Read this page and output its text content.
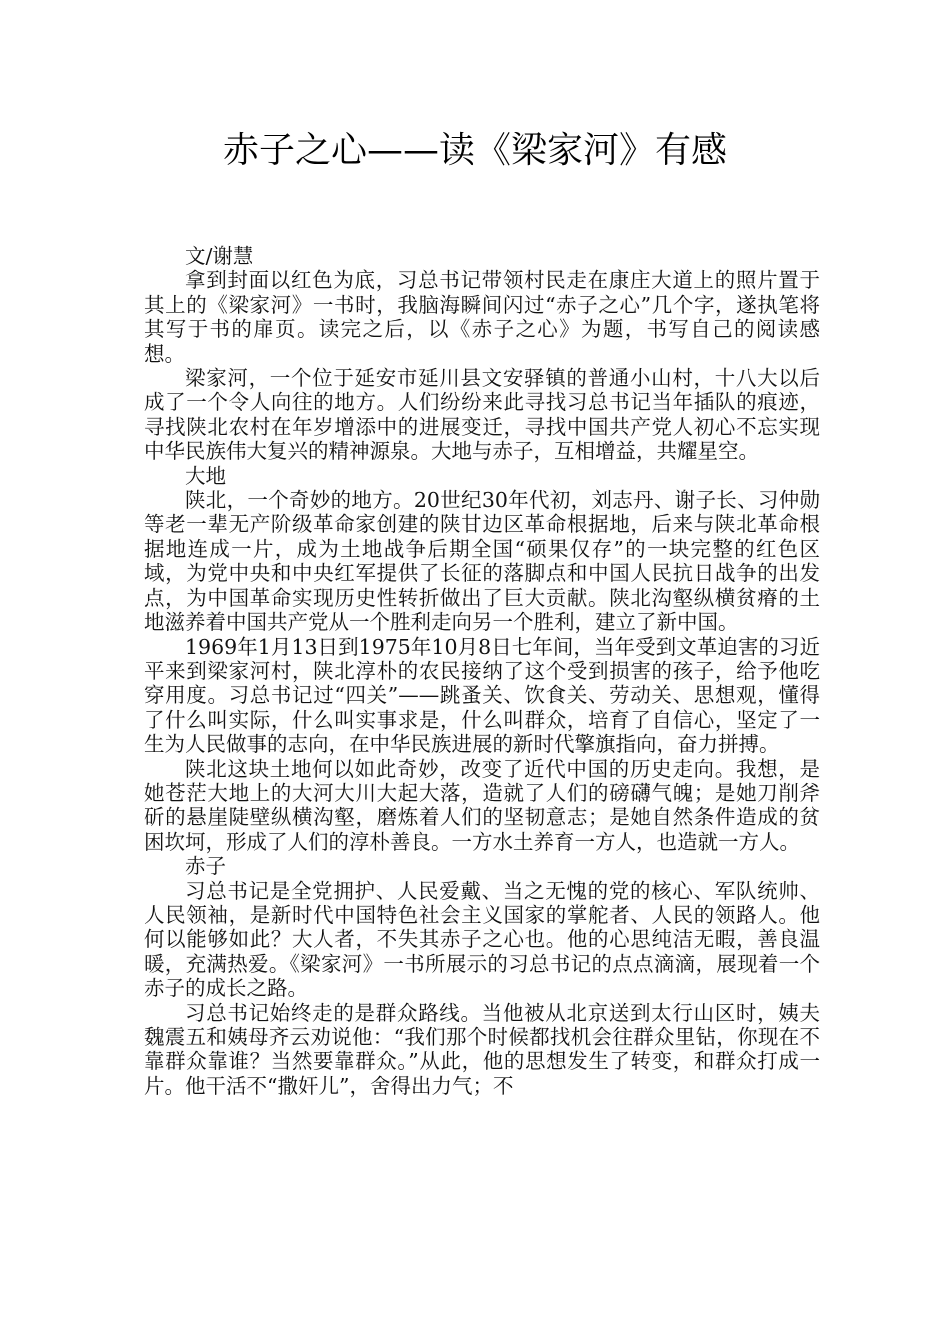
赤子之心——读《梁家河》有感

文/谢慧

拿到封面以红色为底，习总书记带领村民走在康庄大道上的照片置于其上的《梁家河》一书时，我脑海瞬间闪过“赤子之心”几个字，遂执笔将其写于书的扉页。读完之后，以《赤子之心》为题，书写自己的阅读感想。

梁家河，一个位于延安市延川县文安驿镇的普通小山村，十八大以后成了一个令人向往的地方。人们纷纷来此寻找习总书记当年插队的痕迹，寻找陕北农村在年岁增添中的进展变迁，寻找中国共产党人初心不忘实现中华民族伟大复兴的精神源泉。大地与赤子，互相增益，共耀星空。

大地

陕北，一个奇妙的地方。20世纪30年代初，刘志丹、谢子长、习仲勋等老一辈无产阶级革命家创建的陕甘边区革命根据地，后来与陕北革命根据地连成一片，成为土地战争后期全国“硕果仅存”的一块完整的红色区域，为党中央和中央红军提供了长征的落脚点和中国人民抗日战争的出发点，为中国革命实现历史性转折做出了巨大贡献。陕北沟壑纵横贫瘠的土地滋养着中国共产党从一个胜利走向另一个胜利，建立了新中国。

1969年1月13日到1975年10月8日七年间，当年受到文革迫害的习近平来到梁家河村，陕北淳朴的农民接纳了这个受到损害的孩子，给予他吃穿用度。习总书记过“四关”——跳蚤关、饮食关、劳动关、思想观，懂得了什么叫实际，什么叫实事求是，什么叫群众，培育了自信心，坚定了一生为人民做事的志向，在中华民族进展的新时代擎旗指向，奋力拼搏。

陕北这块土地何以如此奇妙，改变了近代中国的历史走向。我想，是她苍茫大地上的大河大川大起大落，造就了人们的磅礴气魄；是她刀削斧斫的悬崖陡壁纵横沟壑，磨炼着人们的坚韧意志；是她自然条件造成的贫困坎坷，形成了人们的淳朴善良。一方水土养育一方人，也造就一方人。

赤子

习总书记是全党拥护、人民爱戴、当之无愧的党的核心、军队统帅、人民领袖，是新时代中国特色社会主义国家的掌舵者、人民的领路人。他何以能够如此？大人者，不失其赤子之心也。他的心思纯洁无暇，善良温暖，充满热爱。《梁家河》一书所展示的习总书记的点点滴滴，展现着一个赤子的成长之路。

习总书记始终走的是群众路线。当他被从北京送到太行山区时，姨夫魏震五和姨母齐云劝说他：“我们那个时候都找机会往群众里钻，你现在不靠群众靠谁？当然要靠群众。”从此，他的思想发生了转变，和群众打成一片。他干活不“撒奸儿”，舍得出力气；不
